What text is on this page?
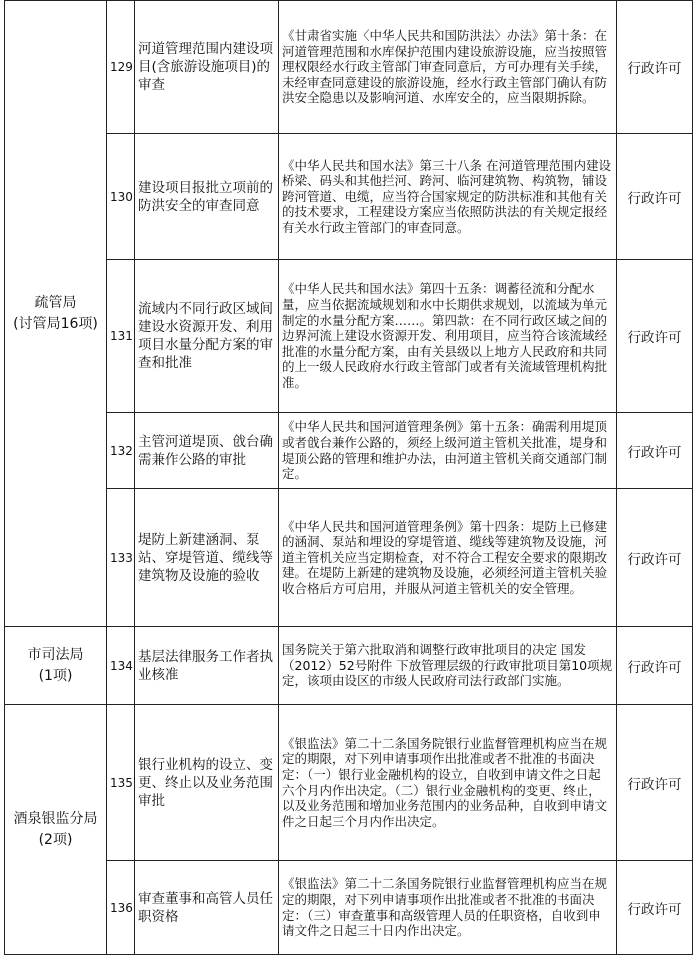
疏管局
(讨管局16项)	129	河道管理范围内建设项目(含旅游设施项目)的审查	《甘肃省实施〈中华人民共和国防洪法〉办法》第十条：在河道管理范围和水库保护范围内建设旅游设施，应当按照管理权限经水行政主管部门审查同意后，方可办理有关手续，未经审查同意建设的旅游设施，经水行政主管部门确认有防洪安全隐患以及影响河道、水库安全的，应当限期拆除。	行政许可
	130	建设项目报批立项前的防洪安全的审查同意	《中华人民共和国水法》第三十八条 在河道管理范围内建设桥梁、码头和其他拦河、跨河、临河建筑物、构筑物，铺设跨河管道、电缆，应当符合国家规定的防洪标准和其他有关的技术要求，工程建设方案应当依照防洪法的有关规定报经有关水行政主管部门的审查同意。	行政许可
	131	流域内不同行政区域间建设水资源开发、利用项目水量分配方案的审查和批准	《中华人民共和国水法》第四十五条：调蓄径流和分配水量，应当依据流域规划和水中长期供求规划，以流域为单元制定的水量分配方案……。第四款：在不同行政区域之间的边界河流上建设水资源开发、利用项目，应当符合该流域经批准的水量分配方案，由有关县级以上地方人民政府和共同的上一级人民政府水行政主管部门或者有关流域管理机构批准。	行政许可
	132	主管河道堤顶、戗台确需兼作公路的审批	《中华人民共和国河道管理条例》第十五条：确需利用堤顶或者戗台兼作公路的，须经上级河道主管机关批准，堤身和堤顶公路的管理和维护办法，由河道主管机关商交通部门制定。	行政许可
	133	堤防上新建涵洞、泵站、穿堤管道、缆线等建筑物及设施的验收	《中华人民共和国河道管理条例》第十四条：堤防上已修建的涵洞、泵站和埋设的穿堤管道、缆线等建筑物及设施，河道主管机关应当定期检查，对不符合工程安全要求的限期改建。在堤防上新建的建筑物及设施，必须经河道主管机关验收合格后方可启用，并服从河道主管机关的安全管理。	行政许可
市司法局
(1项)	134	基层法律服务工作者执业核准	国务院关于第六批取消和调整行政审批项目的决定 国发（2012）52号附件 下放管理层级的行政审批项目第10项规定，该项由设区的市级人民政府司法行政部门实施。	行政许可
酒泉银监分局
(2项)	135	银行业机构的设立、变更、终止以及业务范围审批	《银监法》第二十二条国务院银行业监督管理机构应当在规定的期限，对下列申请事项作出批准或者不批准的书面决定：（一）银行业金融机构的设立，自收到申请文件之日起六个月内作出决定。（二）银行业金融机构的变更、终止，以及业务范围和增加业务范围内的业务品种，自收到申请文件之日起三个月内作出决定。	行政许可
	136	审查董事和高管人员任职资格	《银监法》第二十二条国务院银行业监督管理机构应当在规定的期限，对下列申请事项作出批准或者不批准的书面决定：（三）审查董事和高级管理人员的任职资格，自收到申请文件之日起三十日内作出决定。	行政许可
